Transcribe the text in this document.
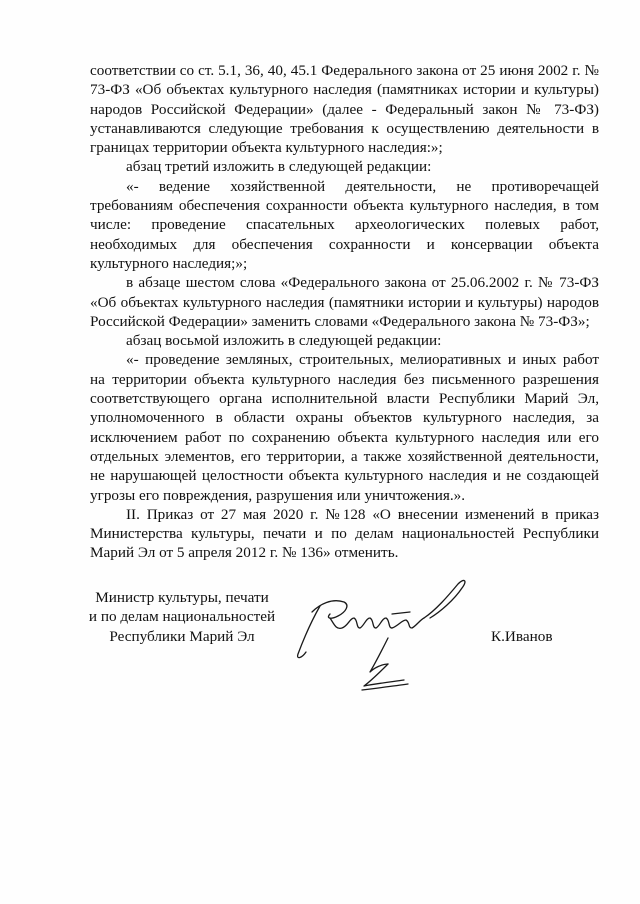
соответствии со ст. 5.1, 36, 40, 45.1 Федерального закона от 25 июня 2002 г. № 73-ФЗ «Об объектах культурного наследия (памятниках истории и культуры) народов Российской Федерации» (далее - Федеральный закон № 73-ФЗ) устанавливаются следующие требования к осуществлению деятельности в границах территории объекта культурного наследия:»;

абзац третий изложить в следующей редакции:

«- ведение хозяйственной деятельности, не противоречащей требованиям обеспечения сохранности объекта культурного наследия, в том числе: проведение спасательных археологических полевых работ, необходимых для обеспечения сохранности и консервации объекта культурного наследия;»;

в абзаце шестом слова «Федерального закона от 25.06.2002 г. № 73-ФЗ «Об объектах культурного наследия (памятники истории и культуры) народов Российской Федерации» заменить словами «Федерального закона № 73-ФЗ»;

абзац восьмой изложить в следующей редакции:

«- проведение земляных, строительных, мелиоративных и иных работ на территории объекта культурного наследия без письменного разрешения соответствующего органа исполнительной власти Республики Марий Эл, уполномоченного в области охраны объектов культурного наследия, за исключением работ по сохранению объекта культурного наследия или его отдельных элементов, его территории, а также хозяйственной деятельности, не нарушающей целостности объекта культурного наследия и не создающей угрозы его повреждения, разрушения или уничтожения.».

II. Приказ от 27 мая 2020 г. №128 «О внесении изменений в приказ Министерства культуры, печати и по делам национальностей Республики Марий Эл от 5 апреля 2012 г. № 136» отменить.

Министр культуры, печати
и по делам национальностей
Республики Марий Эл	К.Иванов
